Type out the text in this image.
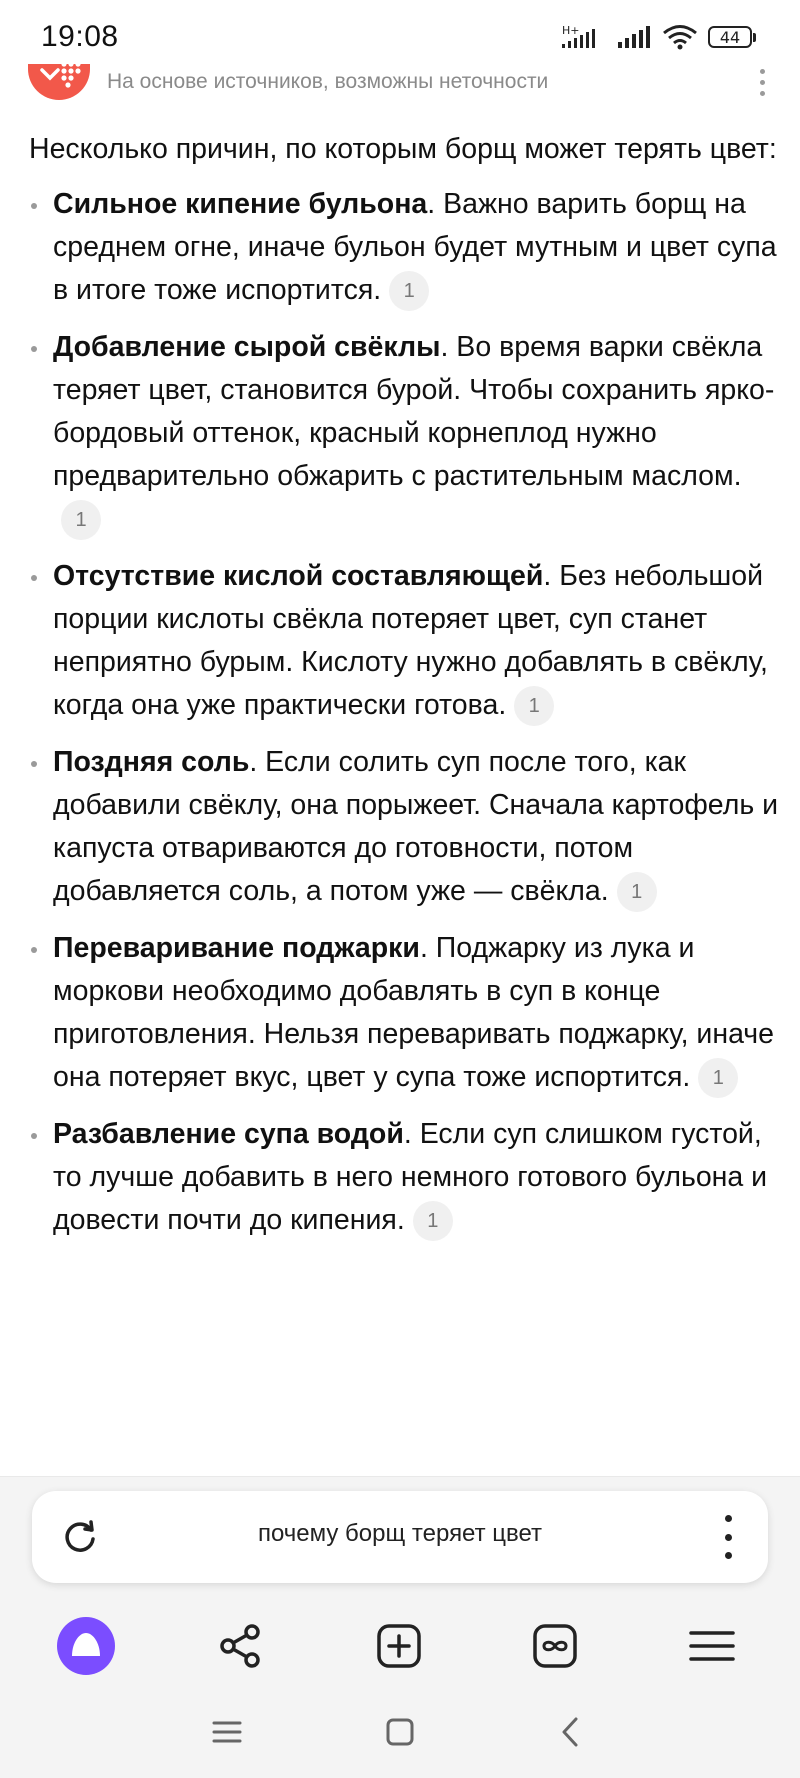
19:08	H+	44
На основе источников, возможны неточности

Несколько причин, по которым борщ может терять цвет:

Сильное кипение бульона. Важно варить борщ на среднем огне, иначе бульон будет мутным и цвет супа в итоге тоже испортится. 1
Добавление сырой свёклы. Во время варки свёкла теряет цвет, становится бурой. Чтобы сохранить ярко-бордовый оттенок, красный корнеплод нужно предварительно обжарить с растительным маслом.1
Отсутствие кислой составляющей. Без небольшой порции кислоты свёкла потеряет цвет, суп станет неприятно бурым. Кислоту нужно добавлять в свёклу, когда она уже практически готова. 1
Поздняя соль. Если солить суп после того, как добавили свёклу, она порыжеет. Сначала картофель и капуста отвариваются до готовности, потом добавляется соль, а потом уже — свёкла. 1
Переваривание поджарки. Поджарку из лука и моркови необходимо добавлять в суп в конце приготовления. Нельзя переваривать поджарку, иначе она потеряет вкус, цвет у супа тоже испортится. 1
Разбавление супа водой. Если суп слишком густой, то лучше добавить в него немного готового бульона и довести почти до кипения. 1
почему борщ теряет цвет
